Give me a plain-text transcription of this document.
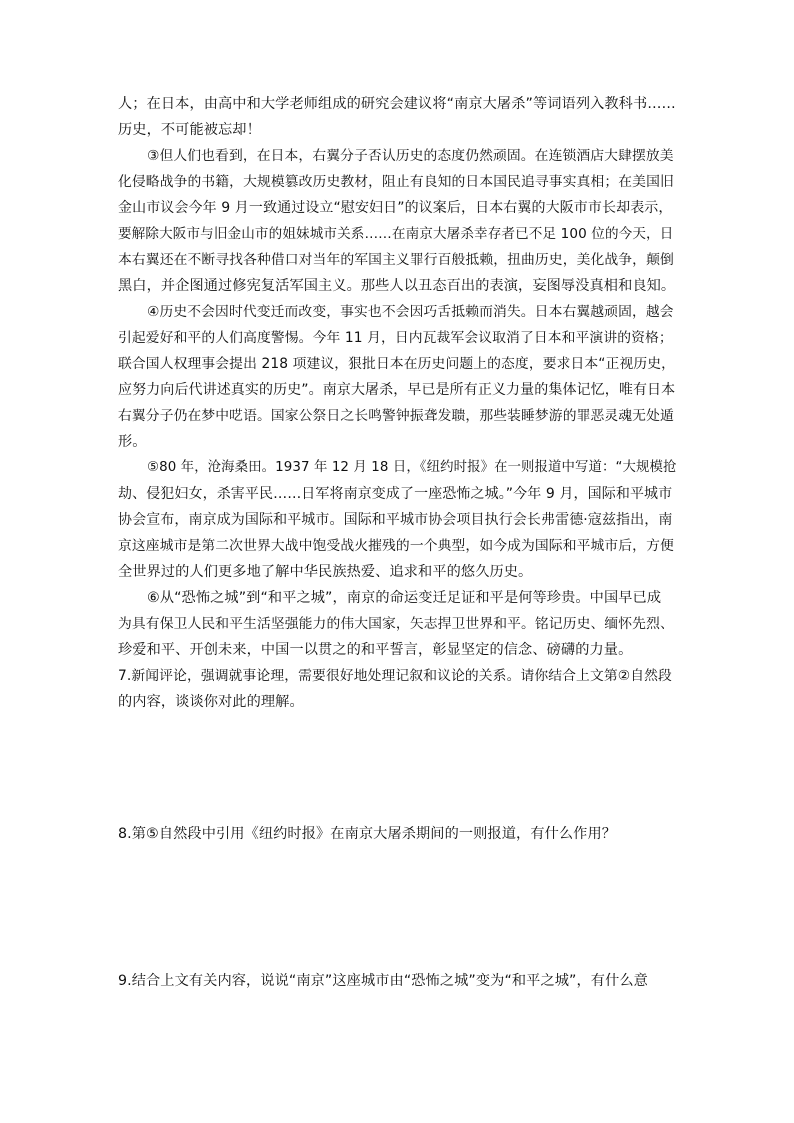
人；在日本，由高中和大学老师组成的研究会建议将“南京大屠杀”等词语列入教科书……
历史，不可能被忘却！
③但人们也看到，在日本，右翼分子否认历史的态度仍然顽固。在连锁酒店大肆摆放美
化侵略战争的书籍，大规模篡改历史教材，阻止有良知的日本国民追寻事实真相；在美国旧
金山市议会今年 9 月一致通过设立“慰安妇日”的议案后，日本右翼的大阪市市长却表示，
要解除大阪市与旧金山市的姐妹城市关系……在南京大屠杀幸存者已不足 100 位的今天，日
本右翼还在不断寻找各种借口对当年的军国主义罪行百般抵赖，扭曲历史，美化战争，颠倒
黑白，并企图通过修宪复活军国主义。那些人以丑态百出的表演，妄图辱没真相和良知。
④历史不会因时代变迁而改变，事实也不会因巧舌抵赖而消失。日本右翼越顽固，越会
引起爱好和平的人们高度警惕。今年 11 月，日内瓦裁军会议取消了日本和平演讲的资格；
联合国人权理事会提出 218 项建议，狠批日本在历史问题上的态度，要求日本“正视历史，
应努力向后代讲述真实的历史”。南京大屠杀，早已是所有正义力量的集体记忆，唯有日本
右翼分子仍在梦中呓语。国家公祭日之长鸣警钟振聋发聩，那些装睡梦游的罪恶灵魂无处遁
形。
⑤80 年，沧海桑田。1937 年 12 月 18 日，《纽约时报》在一则报道中写道：“大规模抢
劫、侵犯妇女，杀害平民……日军将南京变成了一座恐怖之城。”今年 9 月，国际和平城市
协会宣布，南京成为国际和平城市。国际和平城市协会项目执行会长弗雷德·寇兹指出，南
京这座城市是第二次世界大战中饱受战火摧残的一个典型，如今成为国际和平城市后，方便
全世界过的人们更多地了解中华民族热爱、追求和平的悠久历史。
⑥从“恐怖之城”到“和平之城”，南京的命运变迁足证和平是何等珍贵。中国早已成
为具有保卫人民和平生活坚强能力的伟大国家，矢志捍卫世界和平。铭记历史、缅怀先烈、
珍爱和平、开创未来，中国一以贯之的和平誓言，彰显坚定的信念、磅礴的力量。
7.新闻评论，强调就事论理，需要很好地处理记叙和议论的关系。请你结合上文第②自然段
的内容，谈谈你对此的理解。
8.第⑤自然段中引用《纽约时报》在南京大屠杀期间的一则报道，有什么作用？
9.结合上文有关内容，说说“南京”这座城市由“恐怖之城”变为“和平之城”，有什么意
